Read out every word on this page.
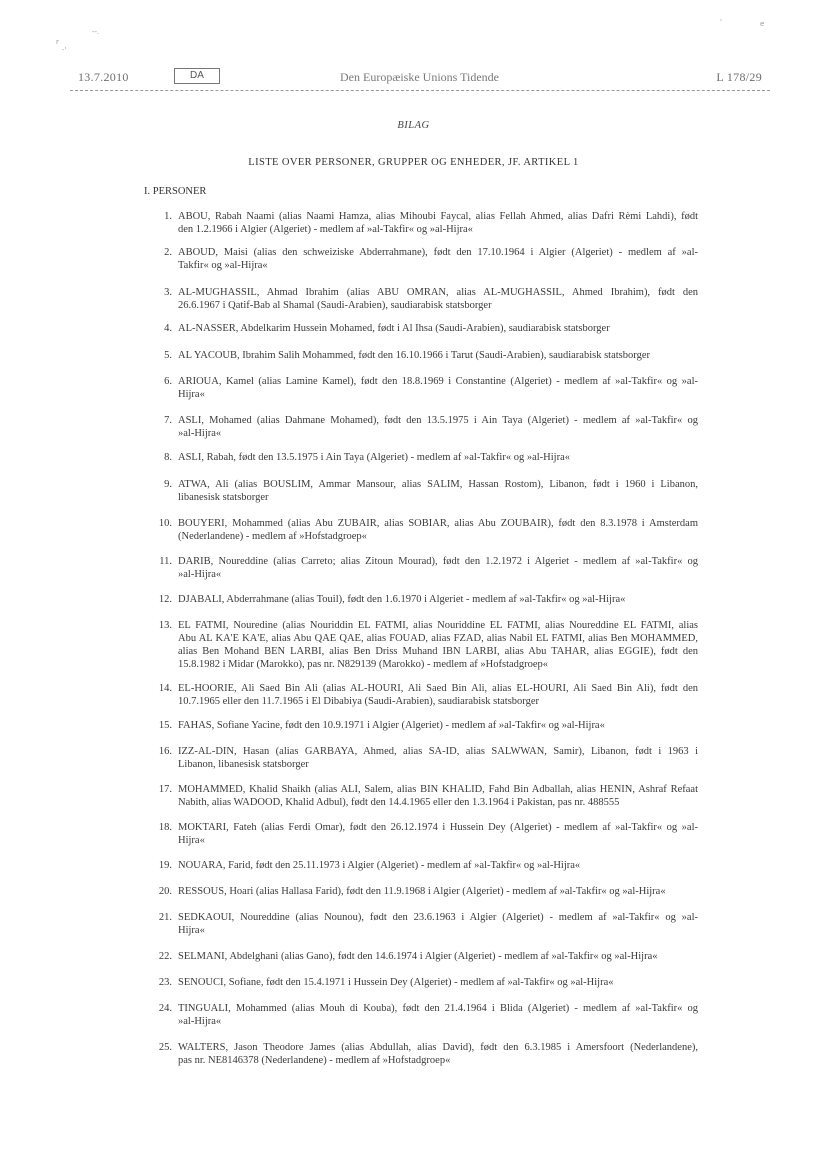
--.
r
-'
'	e
13.7.2010	DA	Den Europæiske Unions Tidende	L 178/29
BILAG
LISTE OVER PERSONER, GRUPPER OG ENHEDER, JF. ARTIKEL 1
I. PERSONER
1. ABOU, Rabah Naami (alias Naami Hamza, alias Mihoubi Faycal, alias Fellah Ahmed, alias Dafri Rèmi Lahdi), født
den 1.2.1966 i Algier (Algeriet) - medlem af »al-Takfir« og »al-Hijra«
2. ABOUD, Maisi (alias den schweiziske Abderrahmane), født den 17.10.1964 i Algier (Algeriet) - medlem af »al-
Takfir« og »al-Hijra«
3. AL-MUGHASSIL, Ahmad Ibrahim (alias ABU OMRAN, alias AL-MUGHASSIL, Ahmed Ibrahim), født den
26.6.1967 i Qatif-Bab al Shamal (Saudi-Arabien), saudiarabisk statsborger
4. AL-NASSER, Abdelkarim Hussein Mohamed, født i Al Ihsa (Saudi-Arabien), saudiarabisk statsborger
5. AL YACOUB, Ibrahim Salih Mohammed, født den 16.10.1966 i Tarut (Saudi-Arabien), saudiarabisk statsborger
6. ARIOUA, Kamel (alias Lamine Kamel), født den 18.8.1969 i Constantine (Algeriet) - medlem af »al-Takfir« og »al-
Hijra«
7. ASLI, Mohamed (alias Dahmane Mohamed), født den 13.5.1975 i Ain Taya (Algeriet) - medlem af »al-Takfir« og
»al-Hijra«
8. ASLI, Rabah, født den 13.5.1975 i Ain Taya (Algeriet) - medlem af »al-Takfir« og »al-Hijra«
9. ATWA, Ali (alias BOUSLIM, Ammar Mansour, alias SALIM, Hassan Rostom), Libanon, født i 1960 i Libanon,
libanesisk statsborger
10. BOUYERI, Mohammed (alias Abu ZUBAIR, alias SOBIAR, alias Abu ZOUBAIR), født den 8.3.1978 i Amsterdam
(Nederlandene) - medlem af »Hofstadgroep«
11. DARIB, Noureddine (alias Carreto; alias Zitoun Mourad), født den 1.2.1972 i Algeriet - medlem af »al-Takfir« og
»al-Hijra«
12. DJABALI, Abderrahmane (alias Touil), født den 1.6.1970 i Algeriet - medlem af »al-Takfir« og »al-Hijra«
13. EL FATMI, Nouredine (alias Nouriddin EL FATMI, alias Nouriddine EL FATMI, alias Noureddine EL FATMI, alias
Abu AL KA'E KA'E, alias Abu QAE QAE, alias FOUAD, alias FZAD, alias Nabil EL FATMI, alias Ben MOHAMMED,
alias Ben Mohand BEN LARBI, alias Ben Driss Muhand IBN LARBI, alias Abu TAHAR, alias EGGIE), født den
15.8.1982 i Midar (Marokko), pas nr. N829139 (Marokko) - medlem af »Hofstadgroep«
14. EL-HOORIE, Ali Saed Bin Ali (alias AL-HOURI, Ali Saed Bin Ali, alias EL-HOURI, Ali Saed Bin Ali), født den
10.7.1965 eller den 11.7.1965 i El Dibabiya (Saudi-Arabien), saudiarabisk statsborger
15. FAHAS, Sofiane Yacine, født den 10.9.1971 i Algier (Algeriet) - medlem af »al-Takfir« og »al-Hijra«
16. IZZ-AL-DIN, Hasan (alias GARBAYA, Ahmed, alias SA-ID, alias SALWWAN, Samir), Libanon, født i 1963 i
Libanon, libanesisk statsborger
17. MOHAMMED, Khalid Shaikh (alias ALI, Salem, alias BIN KHALID, Fahd Bin Adballah, alias HENIN, Ashraf Refaat
Nabith, alias WADOOD, Khalid Adbul), født den 14.4.1965 eller den 1.3.1964 i Pakistan, pas nr. 488555
18. MOKTARI, Fateh (alias Ferdi Omar), født den 26.12.1974 i Hussein Dey (Algeriet) - medlem af »al-Takfir« og »al-
Hijra«
19. NOUARA, Farid, født den 25.11.1973 i Algier (Algeriet) - medlem af »al-Takfir« og »al-Hijra«
20. RESSOUS, Hoari (alias Hallasa Farid), født den 11.9.1968 i Algier (Algeriet) - medlem af »al-Takfir« og »al-Hijra«
21. SEDKAOUI, Noureddine (alias Nounou), født den 23.6.1963 i Algier (Algeriet) - medlem af »al-Takfir« og »al-
Hijra«
22. SELMANI, Abdelghani (alias Gano), født den 14.6.1974 i Algier (Algeriet) - medlem af »al-Takfir« og »al-Hijra«
23. SENOUCI, Sofiane, født den 15.4.1971 i Hussein Dey (Algeriet) - medlem af »al-Takfir« og »al-Hijra«
24. TINGUALI, Mohammed (alias Mouh di Kouba), født den 21.4.1964 i Blida (Algeriet) - medlem af »al-Takfir« og
»al-Hijra«
25. WALTERS, Jason Theodore James (alias Abdullah, alias David), født den 6.3.1985 i Amersfoort (Nederlandene),
pas nr. NE8146378 (Nederlandene) - medlem af »Hofstadgroep«
